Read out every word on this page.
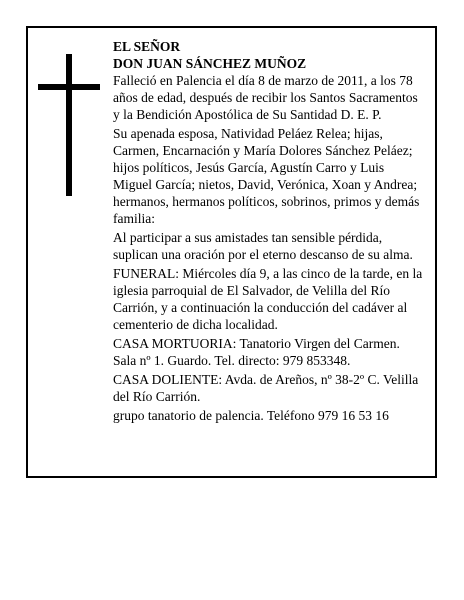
EL SEÑOR
DON JUAN SÁNCHEZ MUÑOZ

Falleció en Palencia el día 8 de marzo de 2011, a los 78 años de edad, después de recibir los Santos Sacramentos y la Bendición Apostólica de Su Santidad D. E. P.

Su apenada esposa, Natividad Peláez Relea; hijas, Carmen, Encarnación y María Dolores Sánchez Peláez; hijos políticos, Jesús García, Agustín Carro y Luis Miguel García; nietos, David, Verónica, Xoan y Andrea; hermanos, hermanos políticos, sobrinos, primos y demás familia:

Al participar a sus amistades tan sensible pérdida, suplican una oración por el eterno descanso de su alma.

FUNERAL: Miércoles día 9, a las cinco de la tarde, en la iglesia parroquial de El Salvador, de Velilla del Río Carrión, y a continuación la conducción del cadáver al cementerio de dicha localidad.

CASA MORTUORIA: Tanatorio Virgen del Carmen. Sala nº 1. Guardo. Tel. directo: 979 853348.

CASA DOLIENTE: Avda. de Areños, nº 38-2º C. Velilla del Río Carrión.

grupo tanatorio de palencia. Teléfono 979 16 53 16
